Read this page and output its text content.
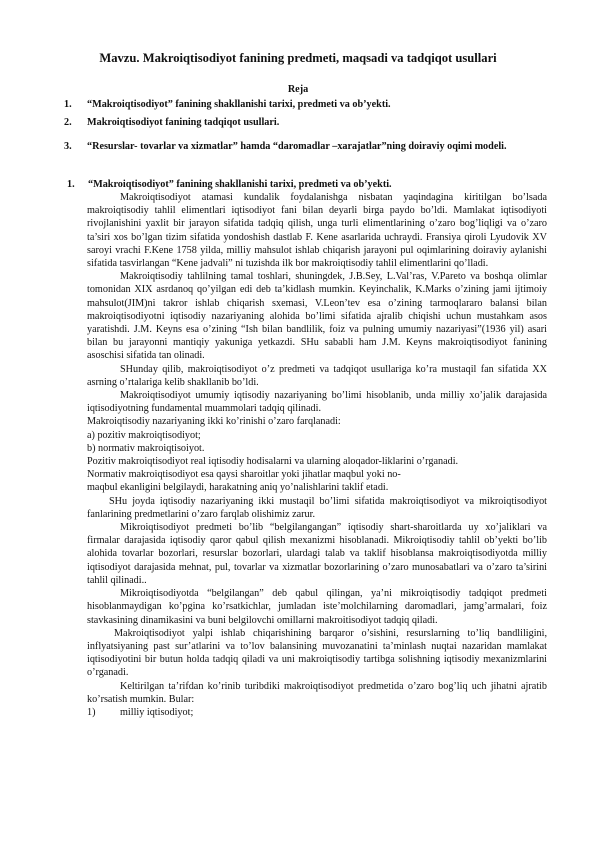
Mavzu. Makroiqtisodiyot fanining predmeti, maqsadi va tadqiqot usullari
Reja
1. “Makroiqtisodiyot” fanining shakllanishi tarixi, predmeti va ob’yekti.
2. Makroiqtisodiyot fanining tadqiqot usullari.
3. “Resurslar- tovarlar va xizmatlar” hamda “daromadlar –xarajatlar”ning doiraviy oqimi modeli.
1. “Makroiqtisodiyot” fanining shakllanishi tarixi, predmeti va ob’yekti.

Makroiqtisodiyot atamasi kundalik foydalanishga nisbatan yaqindagina kiritilgan bo’lsada makroiqtisodiy tahlil elimentlari iqtisodiyot fani bilan deyarli birga paydo bo’ldi. Mamlakat iqtisodiyoti rivojlanishini yaxlit bir jarayon sifatida tadqiq qilish, unga turli elimentlarining o’zaro bog’liqligi va o’zaro ta’siri xos bo’lgan tizim sifatida yondoshish dastlab F. Kene asarlarida uchraydi. Fransiya qiroli Lyudovik XV saroyi vrachi F.Kene 1758 yilda, milliy mahsulot ishlab chiqarish jarayoni pul oqimlarining doiraviy aylanishi sifatida tasvirlangan “Kene jadvali” ni tuzishda ilk bor makroiqtisodiy tahlil elimentlarini qo’lladi.

Makroiqtisodiy tahlilning tamal toshlari, shuningdek, J.B.Sey, L.Val’ras, V.Pareto va boshqa olimlar tomonidan XIX asrdanoq qo’yilgan edi deb ta’kidlash mumkin. Keyinchalik, K.Marks o’zining jami ijtimoiy mahsulot(JIM)ni takror ishlab chiqarish sxemasi, V.Leon’tev esa o’zining tarmoqlararo balansi bilan makroiqtisodiyotni iqtisodiy nazariyaning alohida bo’limi sifatida ajralib chiqishi uchun mustahkam asos yaratishdi. J.M. Keyns esa o’zining “Ish bilan bandlilik, foiz va pulning umumiy nazariyasi”(1936 yil) asari bilan bu jarayonni mantiqiy yakuniga yetkazdi. SHu sababli ham J.M. Keyns makroiqtisodiyot fanining asoschisi sifatida tan olinadi.

SHunday qilib, makroiqtisodiyot o’z predmeti va tadqiqot usullariga ko’ra mustaqil fan sifatida XX asrning o’rtalariga kelib shakllanib bo’ldi.

Makroiqtisodiyot umumiy iqtisodiy nazariyaning bo’limi hisoblanib, unda milliy xo’jalik darajasida iqtisodiyotning fundamental muammolari tadqiq qilinadi.

Makroiqtisodiy nazariyaning ikki ko’rinishi o’zaro farqlanadi:

a) pozitiv makroiqtisodiyot;

b) normativ makroiqtisoiyot.

Pozitiv makroiqtisodiyot real iqtisodiy hodisalarni va ularning aloqador-liklarini o’rganadi.

Normativ makroiqtisodiyot esa qaysi sharoitlar yoki jihatlar maqbul yoki no-

maqbul ekanligini belgilaydi, harakatning aniq yo’nalishlarini taklif etadi.

SHu joyda iqtisodiy nazariyaning ikki mustaqil bo’limi sifatida makroiqtisodiyot va mikroiqtisodiyot fanlarining predmetlarini o’zaro farqlab olishimiz zarur.

Mikroiqtisodiyot predmeti bo’lib “belgilangangan” iqtisodiy shart-sharoitlarda uy xo’jaliklari va firmalar darajasida iqtisodiy qaror qabul qilish mexanizmi hisoblanadi. Mikroiqtisodiy tahlil ob’yekti bo’lib alohida tovarlar bozorlari, resurslar bozorlari, ulardagi talab va taklif hisoblansa makroiqtisodiyotda milliy iqtisodiyot darajasida mehnat, pul, tovarlar va xizmatlar bozorlarining o’zaro munosabatlari va o’zaro ta’sirini tahlil qilinadi..

Mikroiqtisodiyotda “belgilangan” deb qabul qilingan, ya’ni mikroiqtisodiy tadqiqot predmeti hisoblanmaydigan ko’pgina ko’rsatkichlar, jumladan iste’molchilarning daromadlari, jamg’armalari, foiz stavkasining dinamikasini va buni belgilovchi omillarni makroitisodiyot tadqiq qiladi.

Makroiqtisodiyot yalpi ishlab chiqarishining barqaror o’sishini, resurslarning to’liq bandliligini, inflyatsiyaning past sur’atlarini va to’lov balansining muvozanatini ta’minlash nuqtai nazaridan mamlakat iqtisodiyotini bir butun holda tadqiq qiladi va uni makroiqtisodiy tartibga solishning iqtisodiy mexanizmlarini o’rganadi.

Keltirilgan ta’rifdan ko’rinib turibdiki makroiqtisodiyot predmetida o’zaro bog’liq uch jihatni ajratib ko’rsatish mumkin. Bular:

1) milliy iqtisodiyot;
